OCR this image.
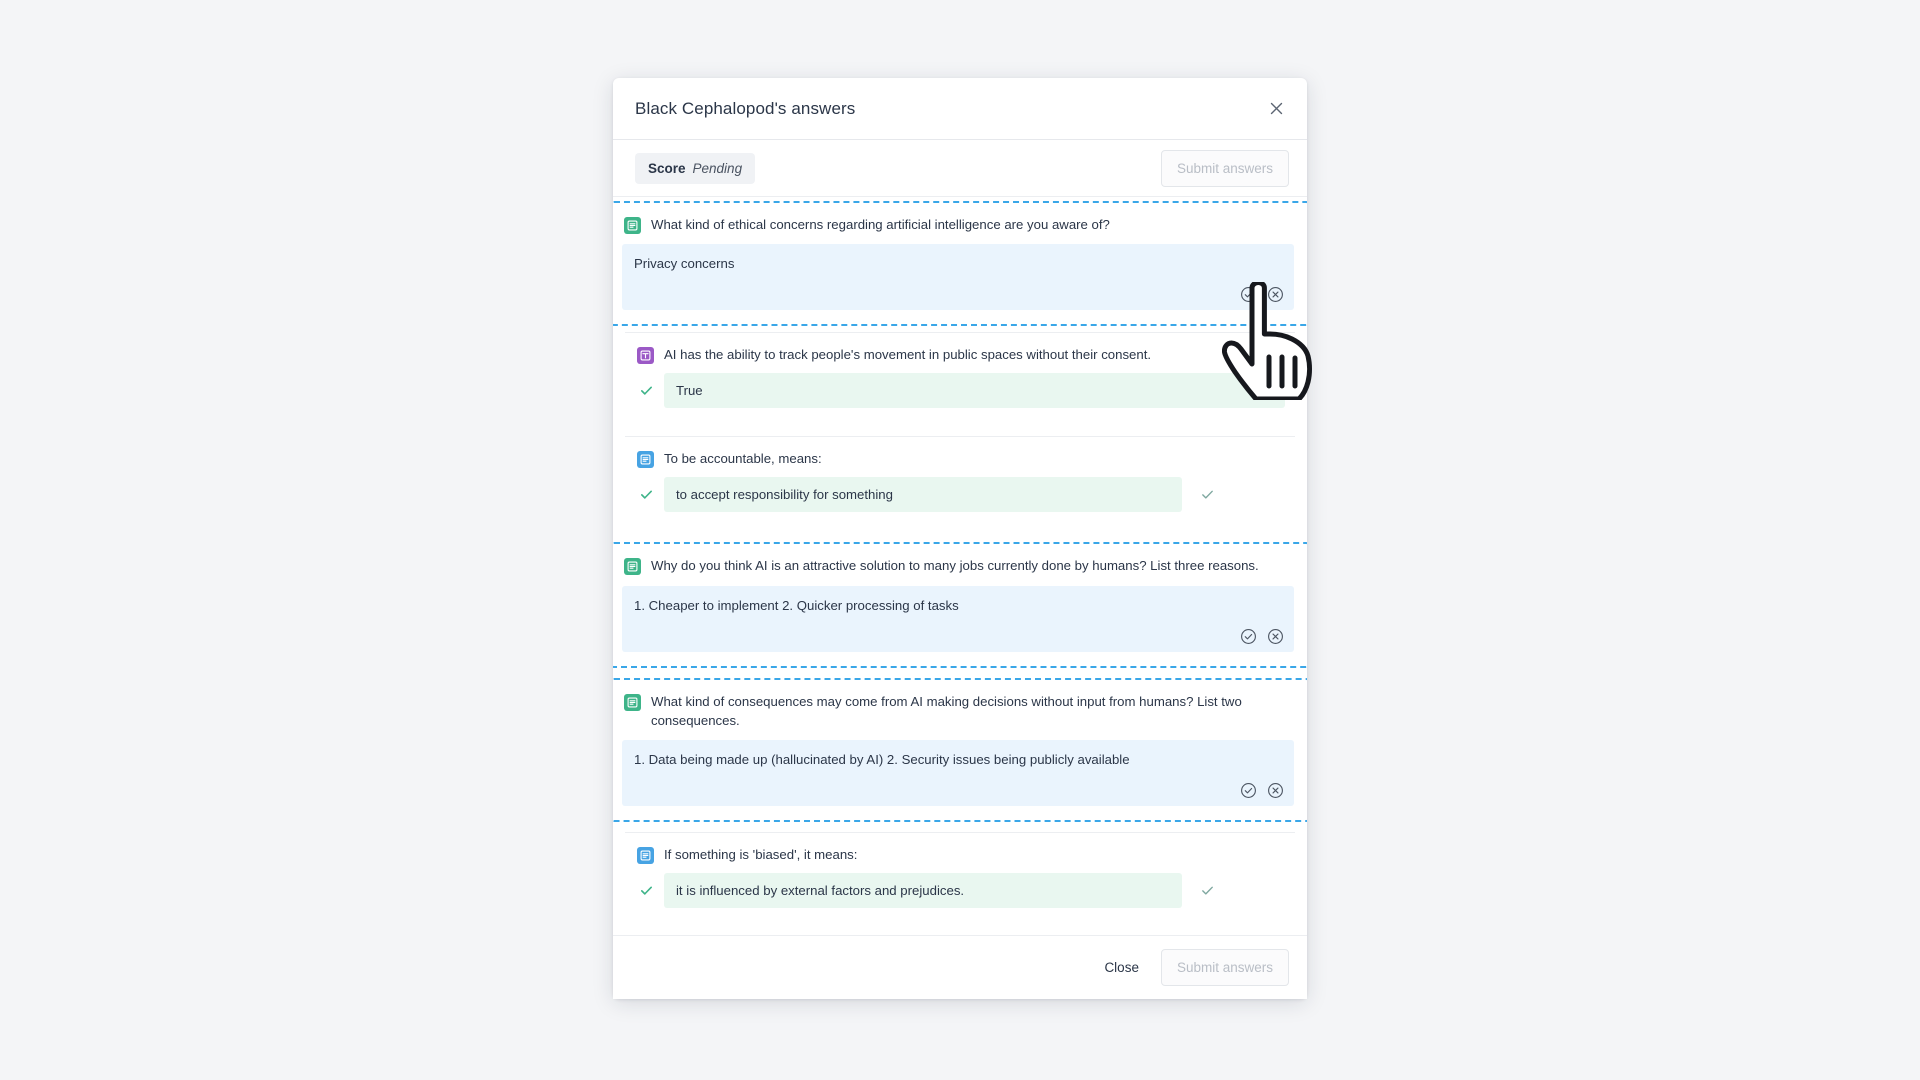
Black Cephalopod's answers
Score Pending	Submit answers
What kind of ethical concerns regarding artificial intelligence are you aware of?
Privacy concerns
AI has the ability to track people's movement in public spaces without their consent.
True
To be accountable, means:
to accept responsibility for something
Why do you think AI is an attractive solution to many jobs currently done by humans? List three reasons.
1. Cheaper to implement 2. Quicker processing of tasks
What kind of consequences may come from AI making decisions without input from humans? List two consequences.
1. Data being made up (hallucinated by AI) 2. Security issues being publicly available
If something is 'biased', it means:
it is influenced by external factors and prejudices.
Close	Submit answers
